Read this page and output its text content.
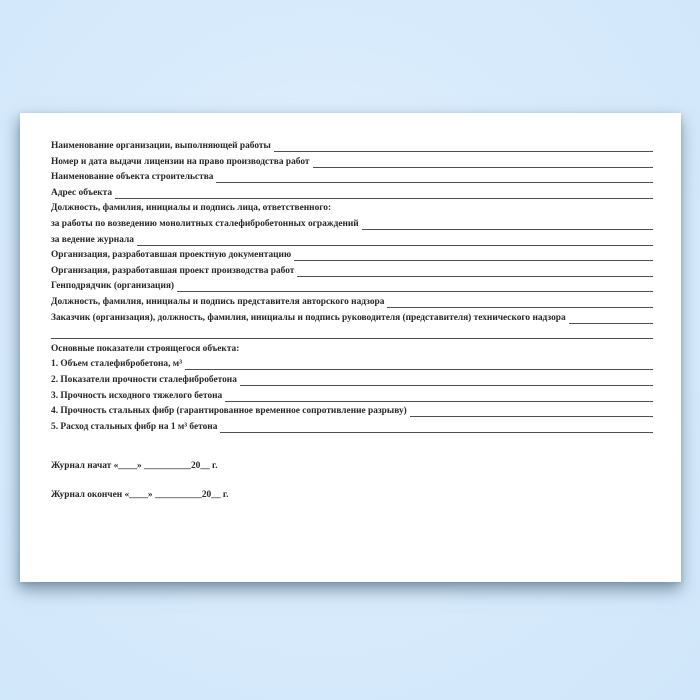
Наименование организации, выполняющей работы
Номер и дата выдачи лицензии на право производства работ
Наименование объекта строительства
Адрес объекта
Должность, фамилия, инициалы и подпись лица, ответственного:
за работы по возведению монолитных сталефибробетонных ограждений
за ведение журнала
Организация, разработавшая проектную документацию
Организация, разработавшая проект производства работ
Генподрядчик (организация)
Должность, фамилия, инициалы и подпись представителя авторского надзора
Заказчик (организация), должность, фамилия, инициалы и подпись руководителя (представителя) технического надзора
Основные показатели строящегося объекта:
1. Объем сталефибробетона, м³
2. Показатели прочности сталефибробетона
3. Прочность исходного тяжелого бетона
4. Прочность стальных фибр (гарантированное временное сопротивление разрыву)
5. Расход стальных фибр на 1 м³ бетона
Журнал начат «____» __________20__ г.
Журнал окончен «____» __________20__ г.
